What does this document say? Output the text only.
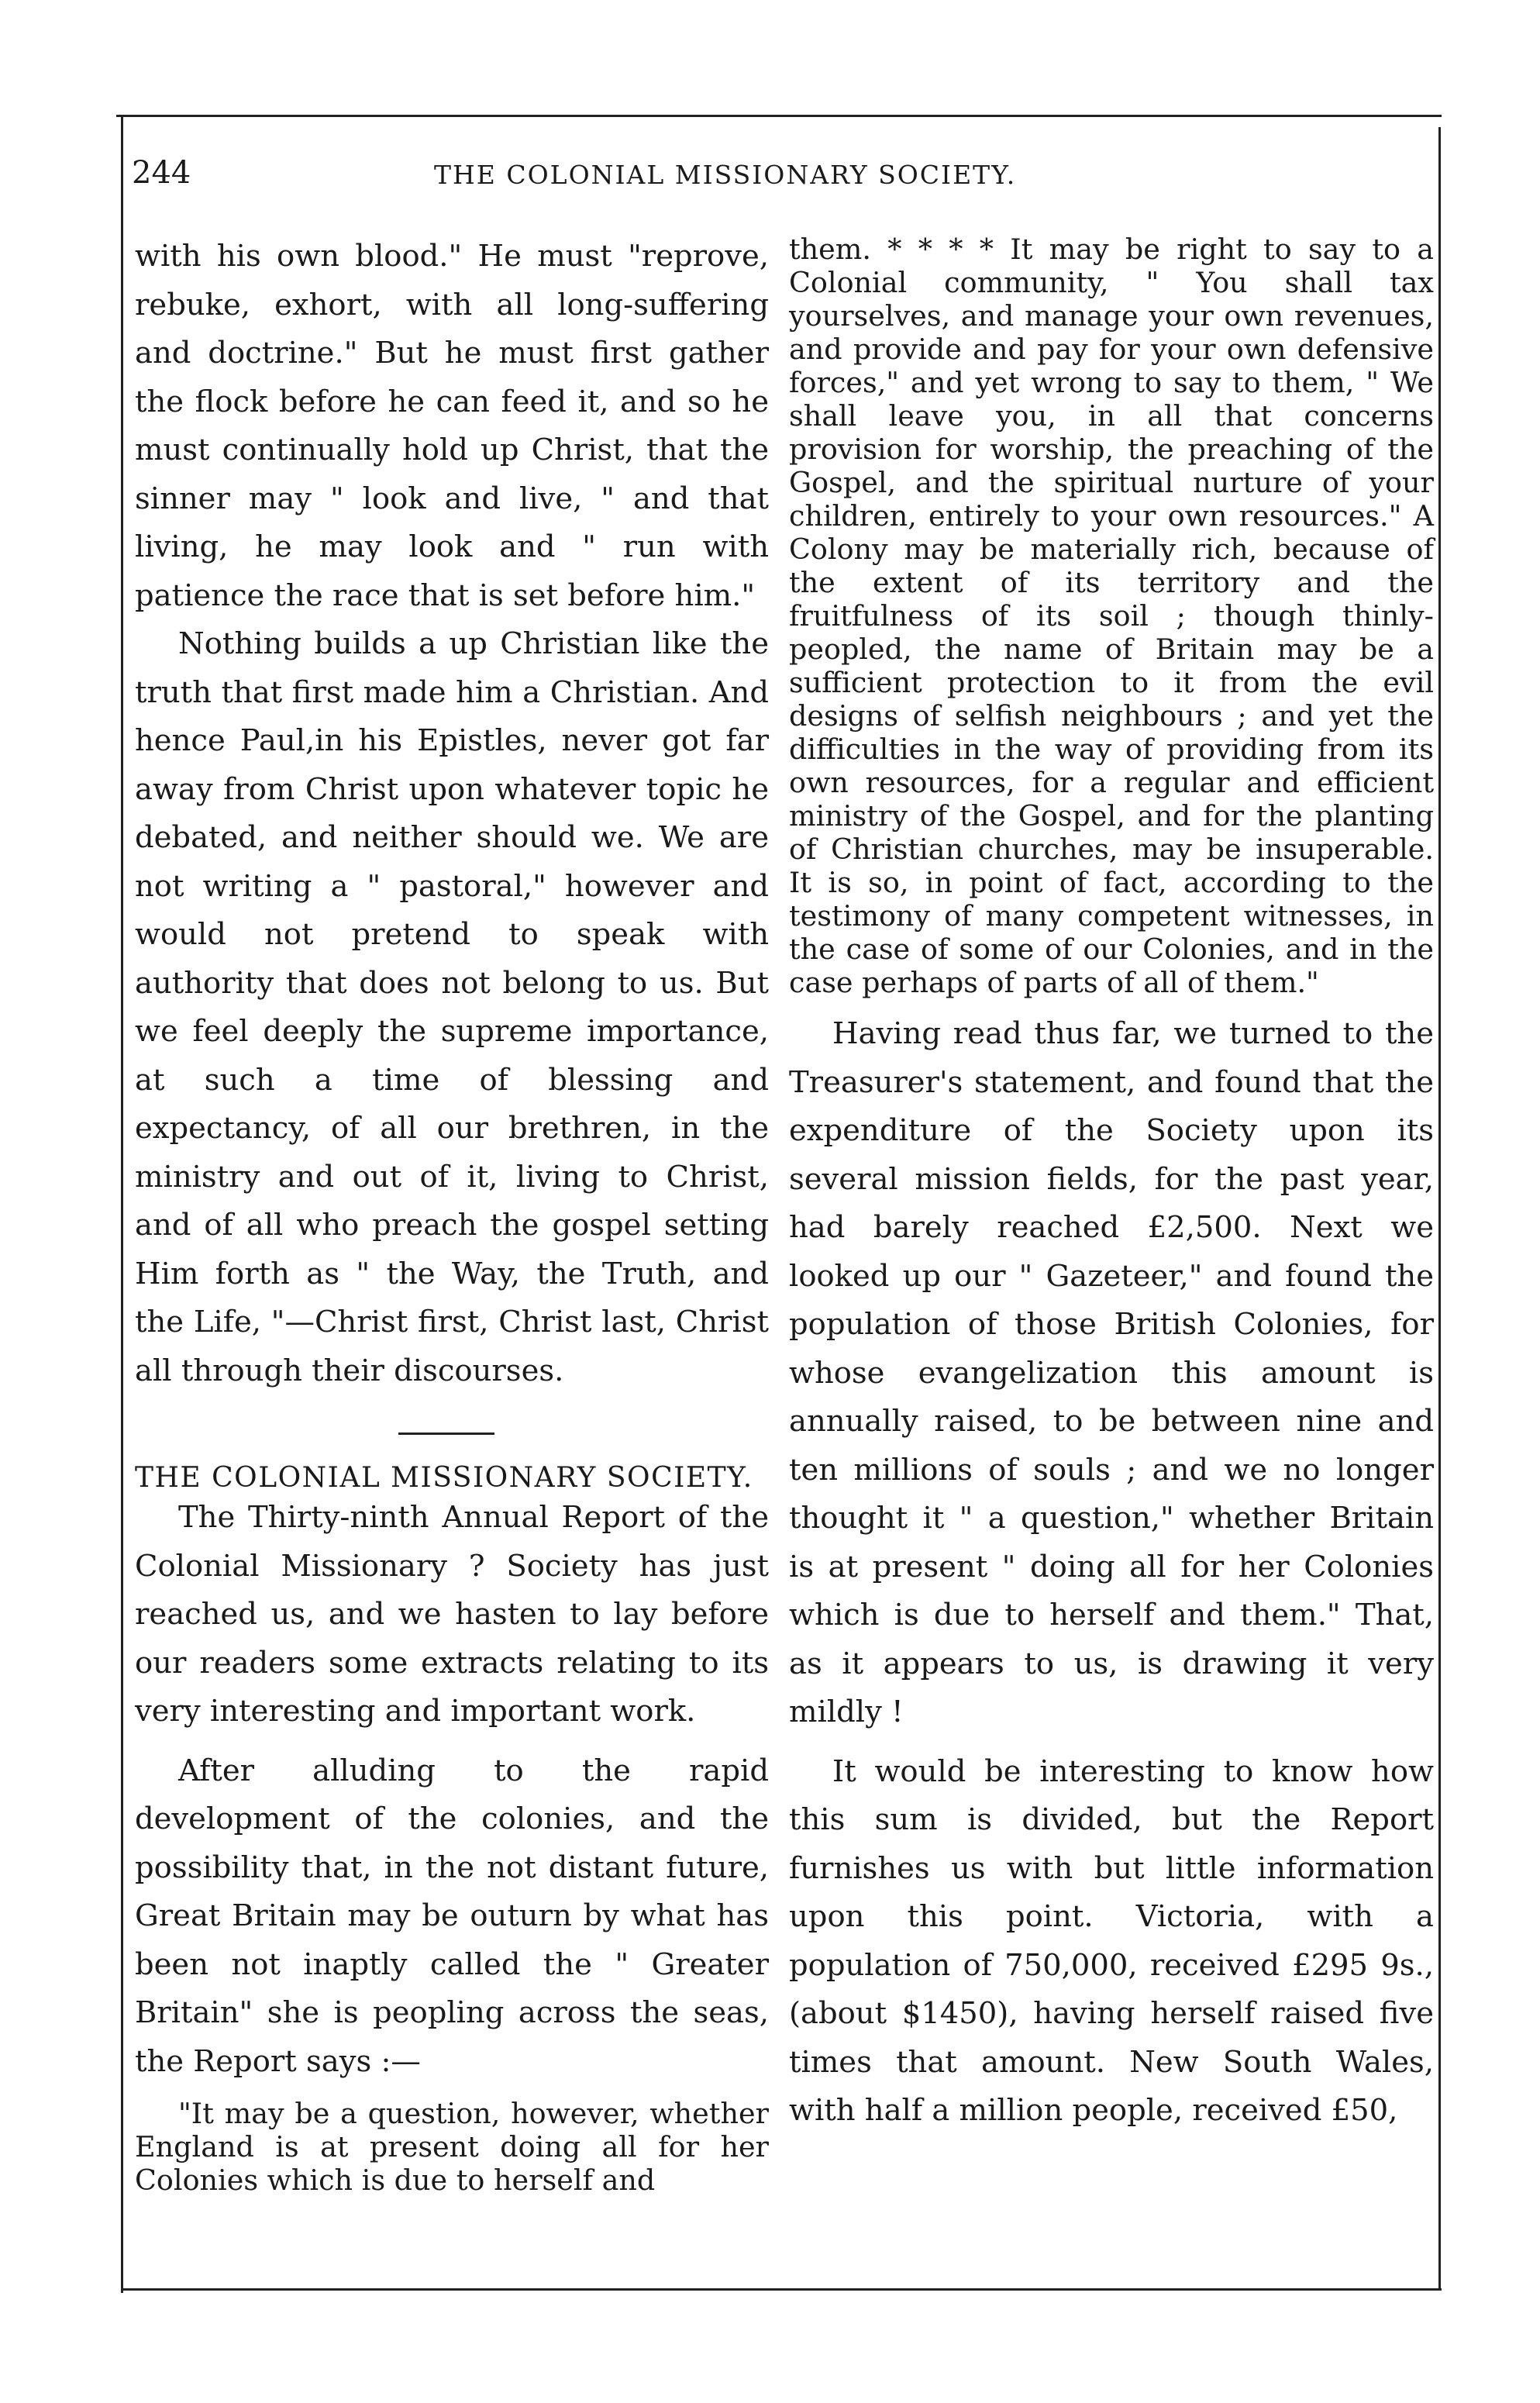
244	THE COLONIAL MISSIONARY SOCIETY.

with his own blood." He must "reprove, rebuke, exhort, with all long-suffering and doctrine." But he must first gather the flock before he can feed it, and so he must continually hold up Christ, that the sinner may " look and live, " and that living, he may look and " run with patience the race that is set before him."

Nothing builds a up Christian like the truth that first made him a Christian. And hence Paul,in his Epistles, never got far away from Christ upon whatever topic he debated, and neither should we. We are not writing a " pastoral," however and would not pretend to speak with authority that does not belong to us. But we feel deeply the supreme importance, at such a time of blessing and expectancy, of all our brethren, in the ministry and out of it, living to Christ, and of all who preach the gospel setting Him forth as " the Way, the Truth, and the Life, "—Christ first, Christ last, Christ all through their discourses.

THE COLONIAL MISSIONARY SOCIETY.

The Thirty-ninth Annual Report of the Colonial Missionary ? Society has just reached us, and we hasten to lay before our readers some extracts relating to its very interesting and important work.

After alluding to the rapid development of the colonies, and the possibility that, in the not distant future, Great Britain may be outurn by what has been not inaptly called the " Greater Britain" she is peopling across the seas, the Report says :—

"It may be a question, however, whether England is at present doing all for her Colonies which is due to herself and

them. * * * * It may be right to say to a Colonial community, " You shall tax yourselves, and manage your own revenues, and provide and pay for your own defensive forces," and yet wrong to say to them, " We shall leave you, in all that concerns provision for worship, the preaching of the Gospel, and the spiritual nurture of your children, entirely to your own resources." A Colony may be materially rich, because of the extent of its territory and the fruitfulness of its soil ; though thinly-peopled, the name of Britain may be a sufficient protection to it from the evil designs of selfish neighbours ; and yet the difficulties in the way of providing from its own resources, for a regular and efficient ministry of the Gospel, and for the planting of Christian churches, may be insuperable. It is so, in point of fact, according to the testimony of many competent witnesses, in the case of some of our Colonies, and in the case perhaps of parts of all of them."

Having read thus far, we turned to the Treasurer's statement, and found that the expenditure of the Society upon its several mission fields, for the past year, had barely reached £2,500. Next we looked up our " Gazeteer," and found the population of those British Colonies, for whose evangelization this amount is annually raised, to be between nine and ten millions of souls ; and we no longer thought it " a question," whether Britain is at present " doing all for her Colonies which is due to herself and them." That, as it appears to us, is drawing it very mildly !

It would be interesting to know how this sum is divided, but the Report furnishes us with but little information upon this point. Victoria, with a population of 750,000, received £295 9s., (about $1450), having herself raised five times that amount. New South Wales, with half a million people, received £50,
